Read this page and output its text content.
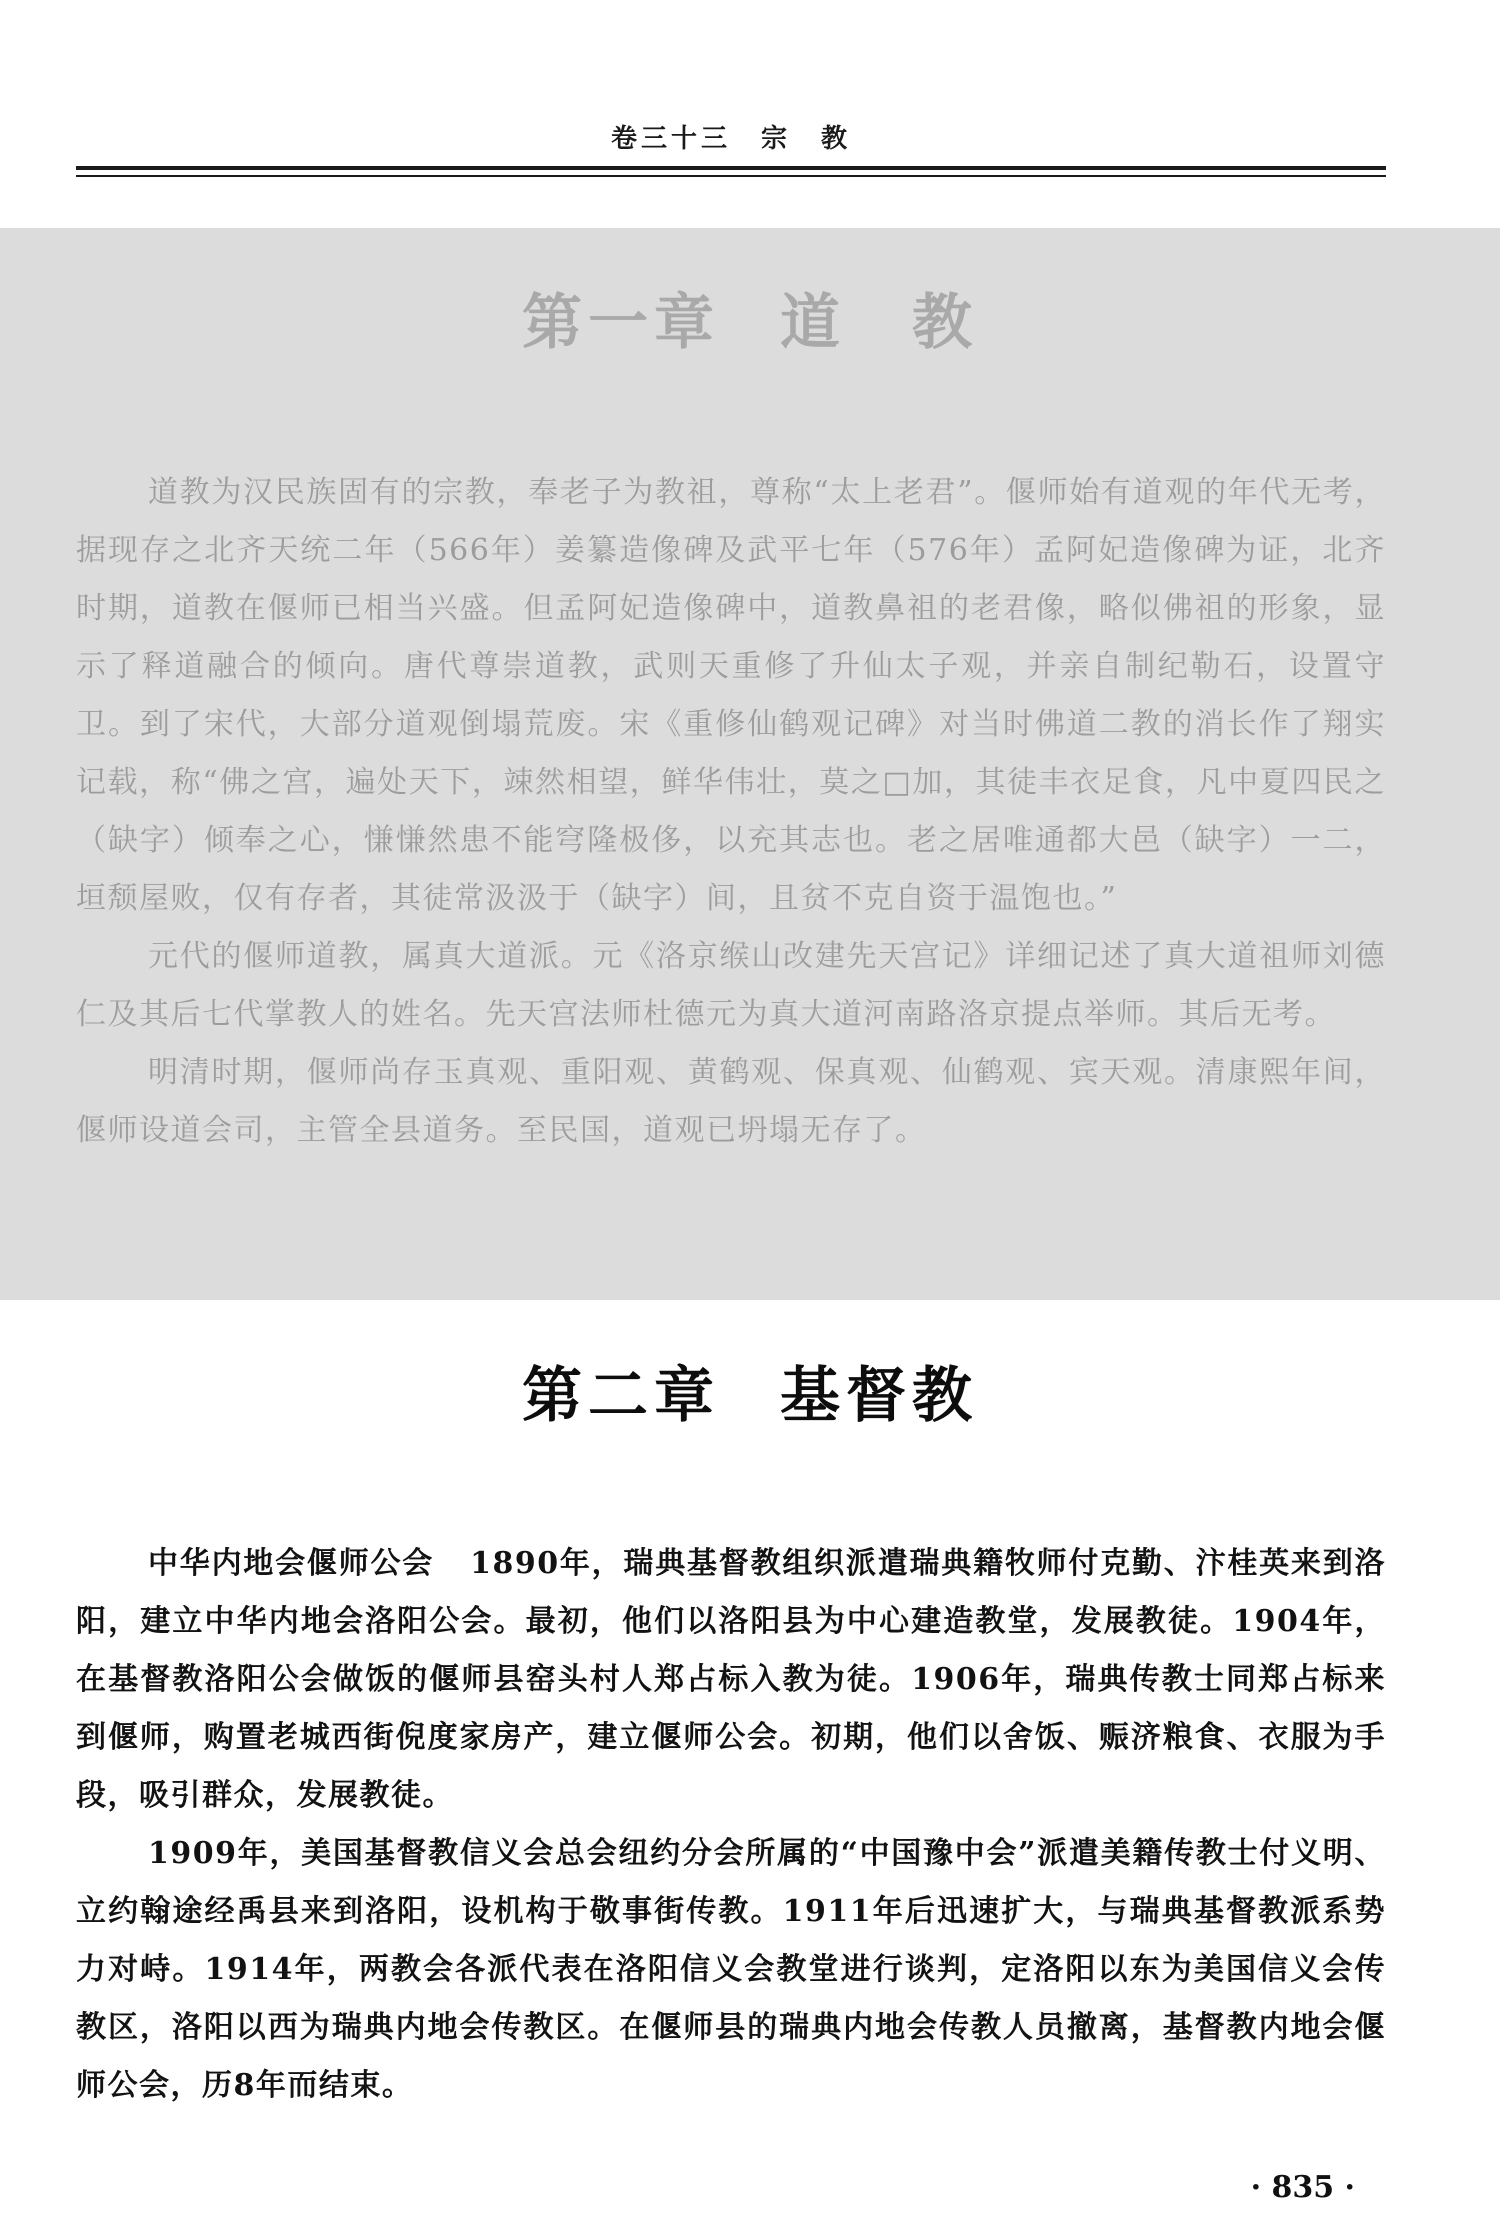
卷三十三　宗　教
第一章 道　教

道教为汉民族固有的宗教，奉老子为教祖，尊称“太上老君”。偃师始有道观的年代无考，据现存之北齐天统二年（566年）姜纂造像碑及武平七年（576年）孟阿妃造像碑为证，北齐时期，道教在偃师已相当兴盛。但孟阿妃造像碑中，道教鼻祖的老君像，略似佛祖的形象，显示了释道融合的倾向。唐代尊崇道教，武则天重修了升仙太子观，并亲自制纪勒石，设置守卫。到了宋代，大部分道观倒塌荒废。宋《重修仙鹤观记碑》对当时佛道二教的消长作了翔实记载，称“佛之宫，遍处天下，竦然相望，鲜华伟壮，莫之□加，其徒丰衣足食，凡中夏四民之（缺字）倾奉之心，慊慊然患不能穹隆极侈，以充其志也。老之居唯通都大邑（缺字）一二，垣颓屋败，仅有存者，其徒常汲汲于（缺字）间，且贫不克自资于温饱也。”

元代的偃师道教，属真大道派。元《洛京缑山改建先天宫记》详细记述了真大道祖师刘德仁及其后七代掌教人的姓名。先天宫法师杜德元为真大道河南路洛京提点举师。其后无考。

明清时期，偃师尚存玉真观、重阳观、黄鹤观、保真观、仙鹤观、宾天观。清康熙年间，偃师设道会司，主管全县道务。至民国，道观已坍塌无存了。

第二章 基督教

中华内地会偃师公会 1890年，瑞典基督教组织派遣瑞典籍牧师付克勤、汴桂英来到洛阳，建立中华内地会洛阳公会。最初，他们以洛阳县为中心建造教堂，发展教徒。1904年，在基督教洛阳公会做饭的偃师县窑头村人郑占标入教为徒。1906年，瑞典传教士同郑占标来到偃师，购置老城西街倪度家房产，建立偃师公会。初期，他们以舍饭、赈济粮食、衣服为手段，吸引群众，发展教徒。

1909年，美国基督教信义会总会纽约分会所属的“中国豫中会”派遣美籍传教士付义明、立约翰途经禹县来到洛阳，设机构于敬事街传教。1911年后迅速扩大，与瑞典基督教派系势力对峙。1914年，两教会各派代表在洛阳信义会教堂进行谈判，定洛阳以东为美国信义会传教区，洛阳以西为瑞典内地会传教区。在偃师县的瑞典内地会传教人员撤离，基督教内地会偃师公会，历8年而结束。

· 835 ·
